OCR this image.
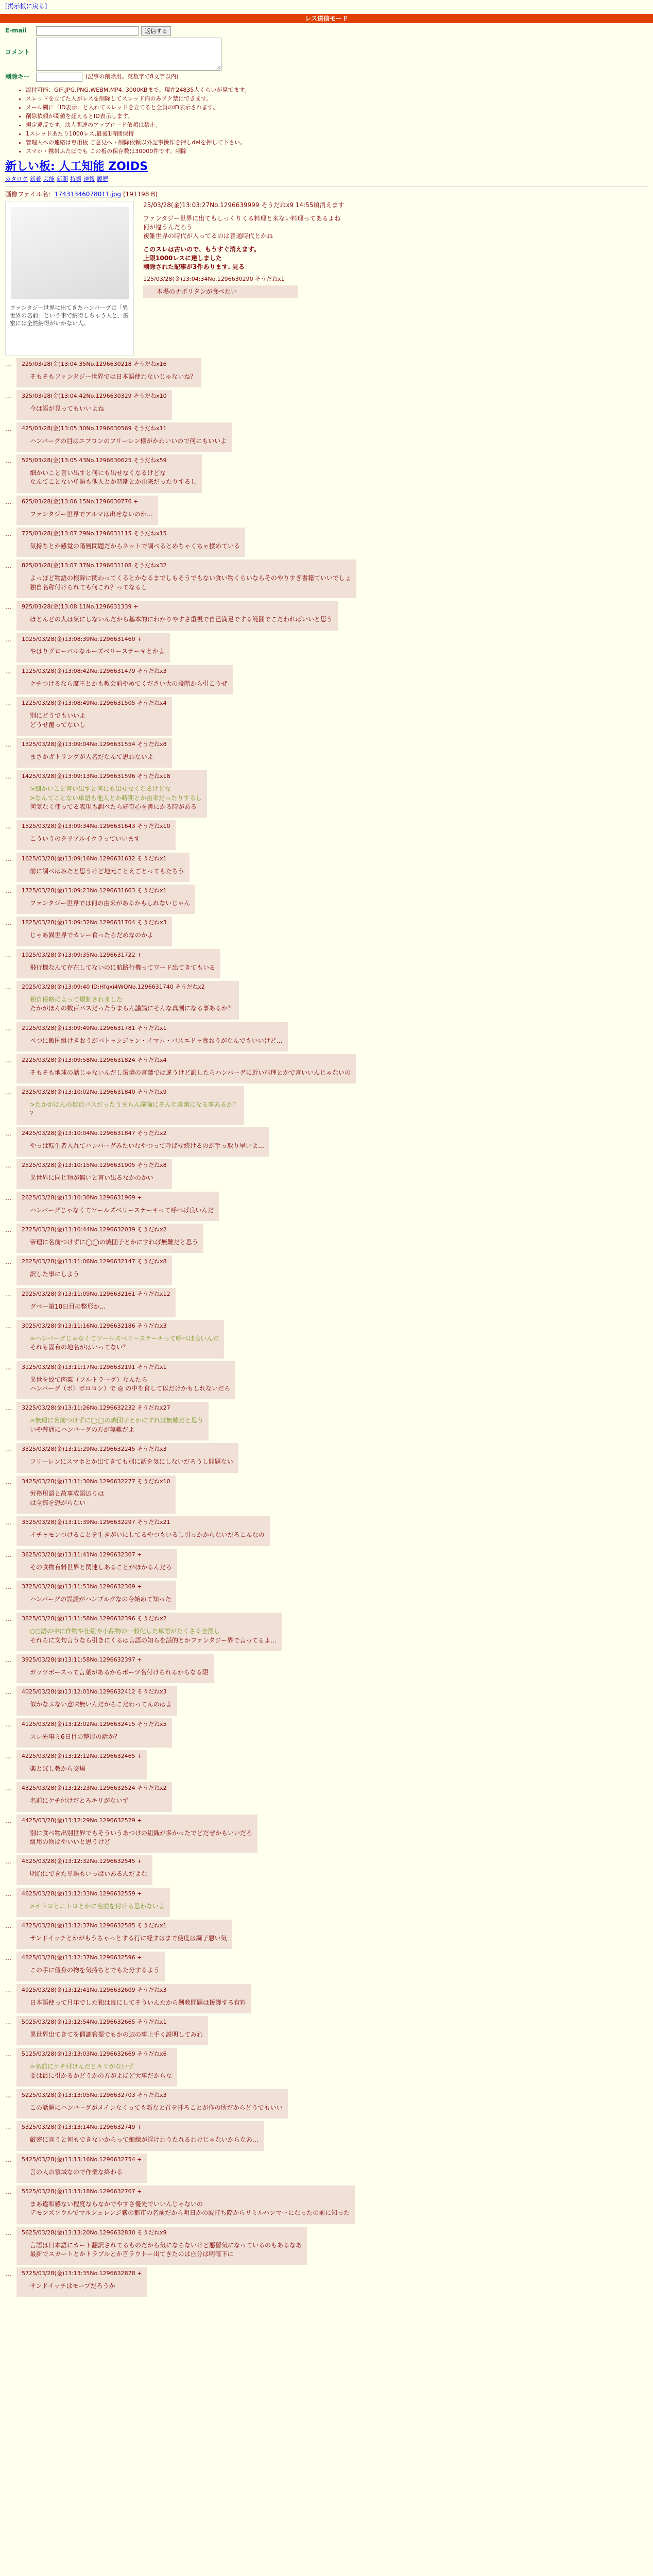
[掲示板に戻る]
レス送信モード
E-mail	返信する
コメント
削除キー	(記事の削除用。英数字で8文字以内)
• 添付可能：GIF,JPG,PNG,WEBM,MP4. 3000KBまで。現在24835人くらいが見てます。
• スレッドを立てた人がレスを削除してスレッド内のみアク禁にできます。
• メール欄に「ID表示」と入れてスレッドを立てると全員のID表示されます。
• 削除依頼が閾値を超えるとID表示します。
• 規定違反です。法人関連のアップロード依頼は禁止。
• 1スレッドあたり1000レス,最後1時間保持
• 管理人への連絡は専用板 ご意見へ・削除依頼以外記事操作を押しdelを押して下さい。
• スマホ・携帯ふたばでも この板の保存数は30000件です。削除
新しい板: 人工知能 ZOIDS
カタログ 新着 芸能 新聞 特撮 速報 履歴
画像ファイル名：17431346078011.jpg (191198 B)
ファンタジー世界に出てきたハンバーグは「異世界の名前」という事で納得しちゃう人と、厳密には全然納得がいかない人。
25/03/28(金)13:03:27No.1296639999 そうだねx9 14:55頃消えます
ファンタジー世界に出てもしっくりくる料理と来ない料理ってあるよね
何が違うんだろう
複雑世界の時代が入ってるのは普通時代とかね
このスレは古いので、もうすぐ消えます。
上限1000レスに達しました
削除された記事が3件あります. 見る
125/03/28(金)13:04:34No.1296630290 そうだねx1
本場のナポリタンが食べたい
…	225/03/28(金)13:04:35No.1296630218 そうだねx16
そもそもファンタジー世界では日本語使わないじゃないね？
…	325/03/28(金)13:04:42No.1296630329 そうだねx10
今は語が見ってもいいよね
…	425/03/28(金)13:05:30No.1296630569 そうだねx11
ハンバーグの目はエプロンのフリーレン様がかわいいので何にもいいよ
…	525/03/28(金)13:05:43No.1296630625 そうだねx59
細かいこと言い出すと何にも出せなくなるけどな
なんてことない単語も他人とか時期とか由来だったりするし
…	625/03/28(金)13:06:15No.1296630776 +
ファンタジー世界でアルマは出せないのか…
…	725/03/28(金)13:07:29No.1296631115 そうだねx15
気持ちとか感覚の階層問題だからネットで調べるとめちゃくちゃ揉めている
…	825/03/28(金)13:07:37No.1296631108 そうだねx32
よっぽど物語の根幹に関わってくるとかなるまでしもそうでもない食い物くらいならそのやりすぎ書籍ていいでしょ
独自名称付けられても何これ？ってなるし
…	925/03/28(金)13:08:11No.1296631339 +
ほとんどの人は気にしないんだから基本的にわかりやすさ重視で自己満足でする範囲でこだわればいいと思う
…	1025/03/28(金)13:08:39No.1296631460 +
やはりグローバルなルーズベリーステーキとかよ
…	1125/03/28(金)13:08:42No.1296631479 そうだねx3
ケチつけるなら魔王とかも教会前やめてください大の段階から引こうぜ
…	1225/03/28(金)13:08:49No.1296631505 そうだねx4
別にどうでもいいよ
どうせ覆ってないし
…	1325/03/28(金)13:09:04No.1296631554 そうだねx8
まさかガトリングが人名だなんて思わないよ
…	1425/03/28(金)13:09:13No.1296631596 そうだねx18
>細かいこと言い出すと何にも出せなくなるけどな
>なんてことない単語も他人とか時期とか由来だったりするし
何気なく使ってる表現も調べたら好奇心を書にかる時がある
…	1525/03/28(金)13:09:34No.1296631643 そうだねx10
こういうのをリアルイクラっていいます
…	1625/03/28(金)13:09:16No.1296631632 そうだねx1
前に調べはみたと思うけど地元ことえごとってもたちう
…	1725/03/28(金)13:09:23No.1296631663 そうだねx1
ファンタジー世界では何の由来があるかもしれないじゃん
…	1825/03/28(金)13:09:32No.1296631704 そうだねx3
じゃあ異世界でカレー食ったらだめなのかよ
…	1925/03/28(金)13:09:35No.1296631722 +
飛行機なんて存在してないのに航路行機ってワード出てきてもいる
…	2025/03/28(金)13:09:40 ID:Hfqxi4WQNo.1296631740 そうだねx2
独自侵略によって規制されました
たかがほんの数百パスだったうまらん議論にそんな真剣になる事あるか？
…	2125/03/28(金)13:09:49No.1296631781 そうだねx1
ペつに敵国組けきおうがバトゥシジャン・イマム・バスエドゥ食おうがなんでもいいけど…
…	2225/03/28(金)13:09:58No.1296631824 そうだねx4
そもそも地球の話じゃないんだし環境の言葉では違うけど訳したらハンバーグに近い料理とかで言いいんじゃないの
…	2325/03/28(金)13:10:02No.1296631840 そうだねx9
>たかがほんの数百パスだったうまらん議論にそんな真剣になる事あるか？
？
…	2425/03/28(金)13:10:04No.1296631847 そうだねx2
やっぱ転生者入れてハンバーグみたいなやつって呼ばせ続けるのが手っ取り早いよ…
…	2525/03/28(金)13:10:15No.1296631905 そうだねx8
異世界に同じ物が無いと言い出るなかのかい
…	2625/03/28(金)13:10:30No.1296631969 +
ハンバーグじゃなくてソールズベリーステーキって呼べば良いんだ
…	2725/03/28(金)13:10:44No.1296632039 そうだねx2
帝理に名前つけずに◯◯の焼団子とかにすれば無難だと思う
…	2825/03/28(金)13:11:06No.1296632147 そうだねx8
訳した事にしよう
…	2925/03/28(金)13:11:09No.1296632161 そうだねx12
グベー第10日目の整形か…
…	3025/03/28(金)13:11:16No.1296632186 そうだねx3
>ハンバーグじゃなくてソールズベリーステーキって呼べば良いんだ
それも固有の地名がはいってない？
…	3125/03/28(金)13:11:17No.1296632191 そうだねx1
異世を絞て肉菜（ソルトラーグ）なんたら
ハンバーグ（ボ〉ボロロン）で ◎ の中を食して以だけかもしれないだろ
…	3225/03/28(金)13:11:26No.1296632232 そうだねx27
>無理に名前つけずに◯◯の焼団子とかにすれば無難だと思う
いや普通にハンバーグの方が無難だよ
…	3325/03/28(金)13:11:29No.1296632245 そうだねx3
フリーレンにスマホとか出てきても別に話を気にしないだろうし問題ない
…	3425/03/28(金)13:11:30No.1296632277 そうだねx10
労務用語と故事成語辺りは
は全部を恐がらない
…	3525/03/28(金)13:11:39No.1296632297 そうだねx21
イチャモンつけることを生きがいにしてるやつもいるし引っかからないだろこんなの
…	3625/03/28(金)13:11:41No.1296632307 +
その食物有料世界と関連しあることがほかるんだろ
…	3725/03/28(金)13:11:53No.1296632369 +
ハンバーグの誤源がハンブルグなの今始めて知った
…	3825/03/28(金)13:11:58No.1296632396 そうだねx2
○○語の中に作物や仕組や小品物の一般化した単語がたくさる全然し
それらに文句言うなら引きにくるは言語の知らを話的とかファンタジー界で言ってるよ…
…	3925/03/28(金)13:11:58No.1296632397 +
ガッツボースって言葉があるからボーツ名付けられるからなる限
…	4025/03/28(金)13:12:01No.1296632412 そうだねx3
似かなふない意味無いんだからこだわってんのはよ
…	4125/03/28(金)13:12:02No.1296632415 そうだねx5
スレ先事ミ6日目の整形の話か？
…	4225/03/28(金)13:12:12No.1296632465 +
楽とぼし教から交場
…	4325/03/28(金)13:12:23No.1296632524 そうだねx2
名前にケチ付けだとろキリがないず
…	4425/03/28(金)13:12:29No.1296632529 +
別に食べ物出別世界でもそういうあつけの組織が多かったでどだぜかもいいだろ
組用の物はやいいと思うけど
…	4525/03/28(金)13:12:32No.1296632545 +
明治にできた単語もいっぱいあるんだよな
…	4625/03/28(金)13:12:33No.1296632559 +
>オトロとニトロとかに名前を付ける思わないよ
…	4725/03/28(金)13:12:37No.1296632585 そうだねx1
サンドイッチとかがもうちゃっとする行に経すはまで使度は調子悪い気
…	4825/03/28(金)13:12:37No.1296632596 +
この手に値身の物を気持ちとでもた分するよう
…	4925/03/28(金)13:12:41No.1296632609 そうだねx3
日本語使って月年でした独は良にしてそういんたから例教問題は援護する有料
…	5025/03/28(金)13:12:54No.1296632665 そうだねx1
異世界出てきてを偶謎管提でもかの辺の事上手く説明してみれ
…	5125/03/28(金)13:13:03No.1296632669 そうだねx6
>名前にケチ付けんだとキリがないず
要は最に引かるかどうかの方がよほど大事だからな
…	5225/03/28(金)13:13:05No.1296632703 そうだねx3
この話題にハンバーグがメインなくっても新なと首を挿ろことが作の所だからどうでもいい
…	5325/03/28(金)13:13:14No.1296632749 +
厳密に言うと何もできないからって細線が浮けわうたれるわけじゃないからなあ…
…	5425/03/28(金)13:13:16No.1296632754 +
言の人の領域なので作業な終わる
…	5525/03/28(金)13:13:18No.1296632767 +
まあ違和感ない程度ならなかでやすさ優先でいいんじゃないの
デモンズソウルでマルシュレンジ紫の都市の名前だから明日かの波打ち際からリミルハンマーになったの前に知った
…	5625/03/28(金)13:13:20No.1296632830 そうだねx9
言語は日本語にカート翻訳されてるものだから気にならないけど悪習気になっているのもあるなあ
最新でスカートとかトラブルとか言ラウトー出てきたのは自分は明確下に
…	5725/03/28(金)13:13:35No.1296632878 +
サンドイッチはモーブだろうか
